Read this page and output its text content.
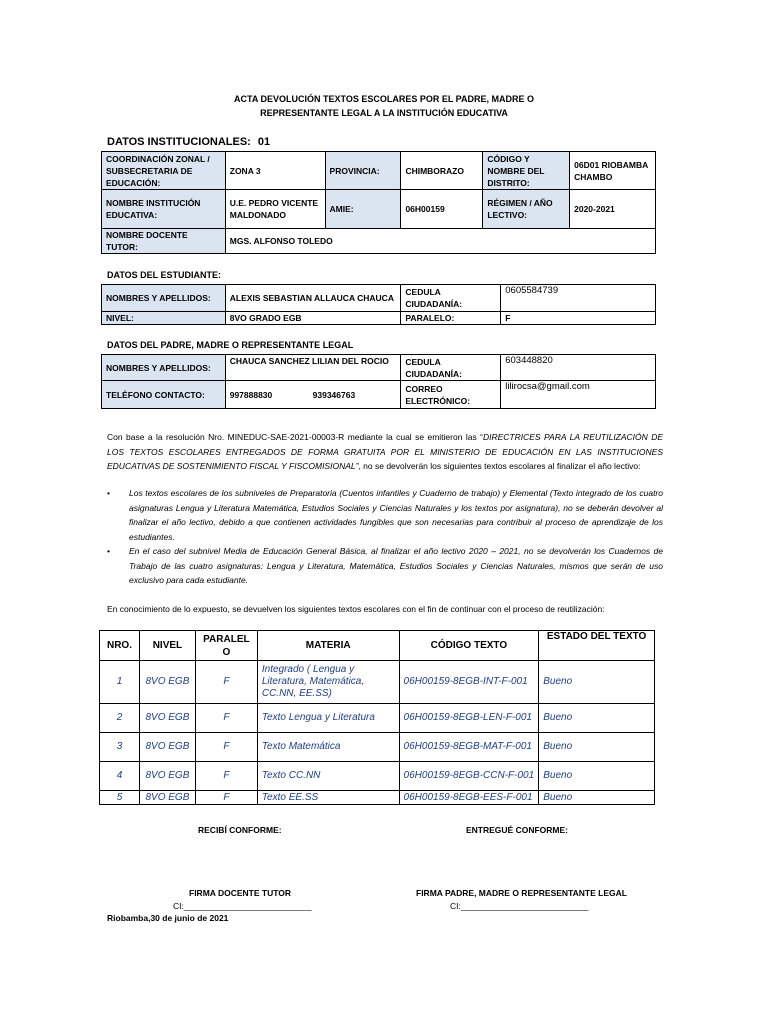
ACTA DEVOLUCIÓN TEXTOS ESCOLARES POR EL PADRE, MADRE O
REPRESENTANTE LEGAL A LA INSTITUCIÓN EDUCATIVA
DATOS INSTITUCIONALES: 01
COORDINACIÓN ZONAL / SUBSECRETARIA DE EDUCACIÓN:	ZONA 3	PROVINCIA:	CHIMBORAZO	CÓDIGO Y NOMBRE DEL DISTRITO:	06D01 RIOBAMBA CHAMBO
NOMBRE INSTITUCIÓN EDUCATIVA:	U.E. PEDRO VICENTE MALDONADO	AMIE:	06H00159	RÉGIMEN / AÑO LECTIVO:	2020-2021
NOMBRE DOCENTE TUTOR:	MGS. ALFONSO TOLEDO				
DATOS DEL ESTUDIANTE:
NOMBRES Y APELLIDOS:	ALEXIS SEBASTIAN ALLAUCA CHAUCA	CEDULA CIUDADANÍA:	0605584739
NIVEL:	8VO GRADO EGB	PARALELO:	F
DATOS DEL PADRE, MADRE O REPRESENTANTE LEGAL
NOMBRES Y APELLIDOS:	CHAUCA SANCHEZ LILIAN DEL ROCIO	CEDULA CIUDADANÍA:	603448820
TELÉFONO CONTACTO:	997888830 939346763	CORREO ELECTRÓNICO:	lilirocsa@gmail.com
Con base a la resolución Nro. MINEDUC-SAE-2021-00003-R mediante la cual se emitieron las “DIRECTRICES PARA LA REUTILIZACIÓN DE LOS TEXTOS ESCOLARES ENTREGADOS DE FORMA GRATUITA POR EL MINISTERIO DE EDUCACIÓN EN LAS INSTITUCIONES EDUCATIVAS DE SOSTENIMIENTO FISCAL Y FISCOMISIONAL”, no se devolverán los siguientes textos escolares al finalizar el año lectivo:
• Los textos escolares de los subniveles de Preparatoria (Cuentos infantiles y Cuaderno de trabajo) y Elemental (Texto integrado de los cuatro asignaturas Lengua y Literatura Matemática, Estudios Sociales y Ciencias Naturales y los textos por asignatura), no se deberán devolver al finalizar el año lectivo, debido a que contienen actividades fungibles que son necesarias para contribuir al proceso de aprendizaje de los estudiantes.
• En el caso del subnivel Media de Educación General Básica, al finalizar el año lectivo 2020 – 2021, no se devolverán los Cuadernos de Trabajo de las cuatro asignaturas: Lengua y Literatura, Matemática, Estudios Sociales y Ciencias Naturales, mismos que serán de uso exclusivo para cada estudiante.
En conocimiento de lo expuesto, se devuelven los siguientes textos escolares con el fin de continuar con el proceso de reutilización:
NRO.	NIVEL	PARALEL O	MATERIA	CÓDIGO TEXTO	ESTADO DEL TEXTO
1	8VO EGB	F	Integrado ( Lengua y Literatura, Matemática, CC.NN, EE.SS)	06H00159-8EGB-INT-F-001	Bueno
2	8VO EGB	F	Texto Lengua y Literatura	06H00159-8EGB-LEN-F-001	Bueno
3	8VO EGB	F	Texto Matemática	06H00159-8EGB-MAT-F-001	Bueno
4	8VO EGB	F	Texto CC.NN	06H00159-8EGB-CCN-F-001	Bueno
5	8VO EGB	F	Texto EE.SS	06H00159-8EGB-EES-F-001	Bueno
RECIBÍ CONFORME:	ENTREGUÉ CONFORME:
FIRMA DOCENTE TUTOR
CI:___________________________
FIRMA PADRE, MADRE O REPRESENTANTE LEGAL
CI:___________________________
Riobamba,30 de junio de 2021
